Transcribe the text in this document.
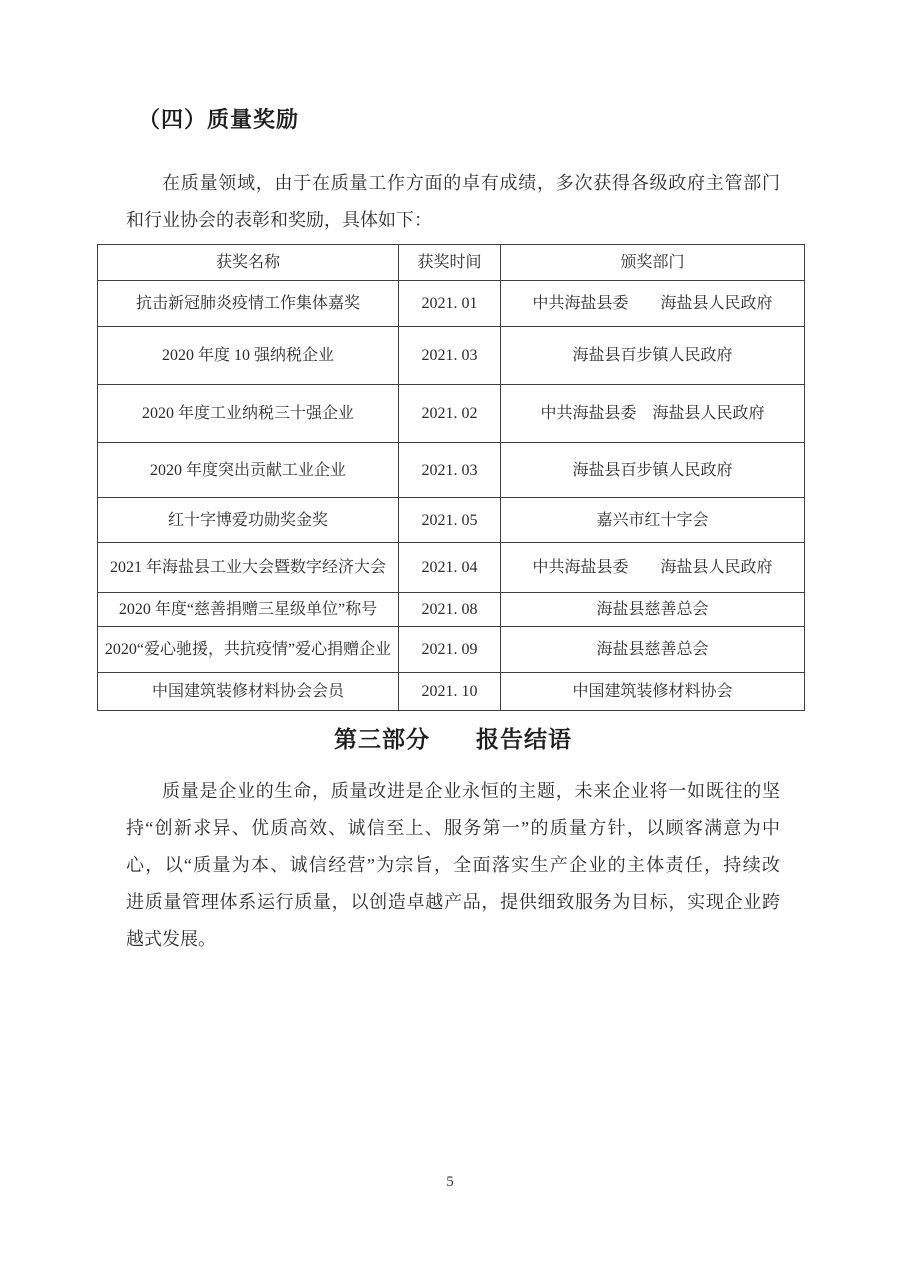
（四）质量奖励
在质量领域，由于在质量工作方面的卓有成绩，多次获得各级政府主管部门
和行业协会的表彰和奖励，具体如下：
获奖名称	获奖时间	颁奖部门
抗击新冠肺炎疫情工作集体嘉奖	2021. 01	中共海盐县委　　海盐县人民政府
2020 年度 10 强纳税企业	2021. 03	海盐县百步镇人民政府
2020 年度工业纳税三十强企业	2021. 02	中共海盐县委　海盐县人民政府
2020 年度突出贡献工业企业	2021. 03	海盐县百步镇人民政府
红十字博爱功勋奖金奖	2021. 05	嘉兴市红十字会
2021 年海盐县工业大会暨数字经济大会	2021. 04	中共海盐县委　　海盐县人民政府
2020 年度“慈善捐赠三星级单位”称号	2021. 08	海盐县慈善总会
2020“爱心驰援，共抗疫情”爱心捐赠企业	2021. 09	海盐县慈善总会
中国建筑装修材料协会会员	2021. 10	中国建筑装修材料协会
第三部分 报告结语
质量是企业的生命，质量改进是企业永恒的主题，未来企业将一如既往的坚
持“创新求异、优质高效、诚信至上、服务第一”的质量方针，以顾客满意为中
心，以“质量为本、诚信经营”为宗旨，全面落实生产企业的主体责任，持续改
进质量管理体系运行质量，以创造卓越产品，提供细致服务为目标，实现企业跨
越式发展。
5
